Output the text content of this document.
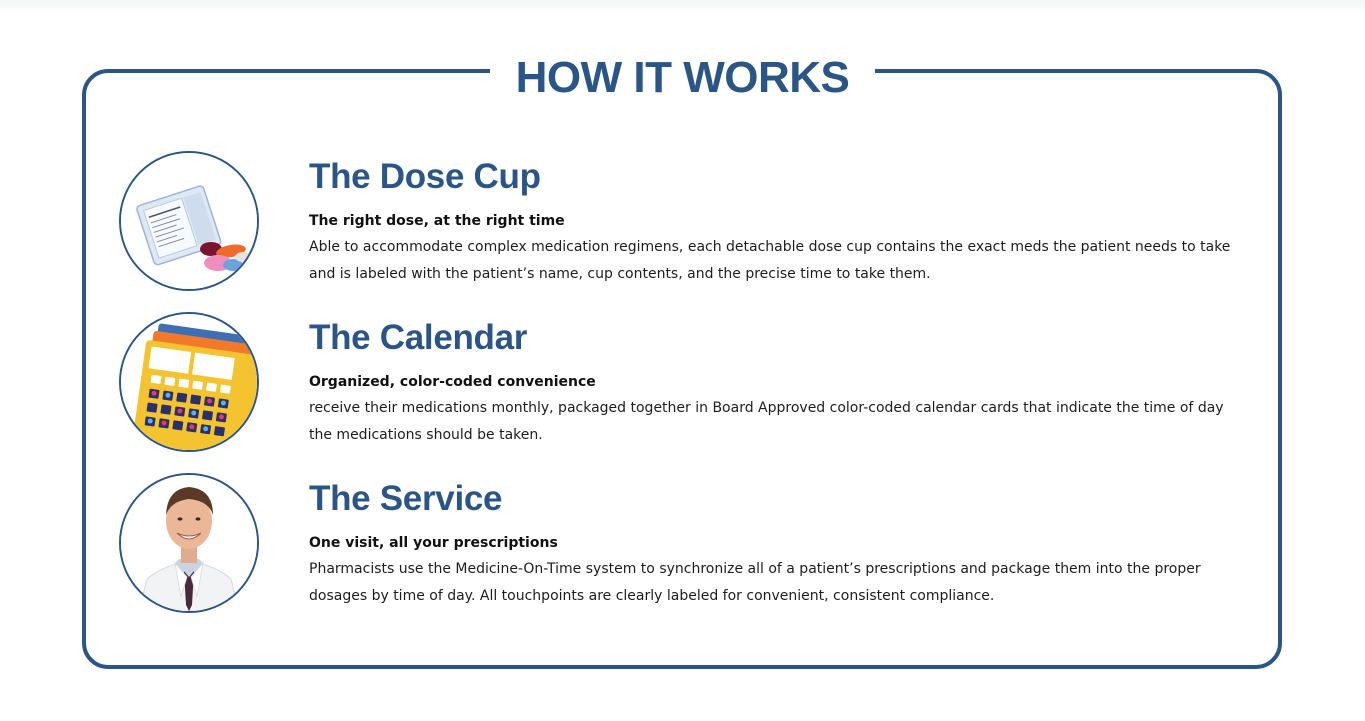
HOW IT WORKS
The Dose Cup

The right dose, at the right time

Able to accommodate complex medication regimens, each detachable dose cup contains the exact meds the patient needs to take and is labeled with the patient’s name, cup contents, and the precise time to take them.

The Calendar

Organized, color-coded convenience

receive their medications monthly, packaged together in Board Approved color-coded calendar cards that indicate the time of day the medications should be taken.

The Service

One visit, all your prescriptions

Pharmacists use the Medicine-On-Time system to synchronize all of a patient’s prescriptions and package them into the proper dosages by time of day. All touchpoints are clearly labeled for convenient, consistent compliance.
